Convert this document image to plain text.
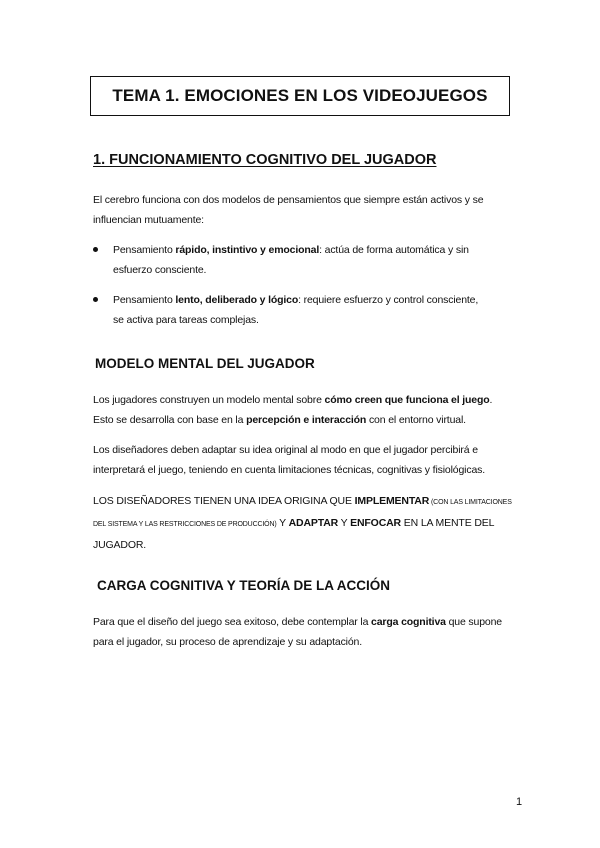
TEMA 1. EMOCIONES EN LOS VIDEOJUEGOS
1. FUNCIONAMIENTO COGNITIVO DEL JUGADOR
El cerebro funciona con dos modelos de pensamientos que siempre están activos y se
influencian mutuamente:
Pensamiento rápido, instintivo y emocional: actúa de forma automática y sin
esfuerzo consciente.
Pensamiento lento, deliberado y lógico: requiere esfuerzo y control consciente,
se activa para tareas complejas.
MODELO MENTAL DEL JUGADOR
Los jugadores construyen un modelo mental sobre cómo creen que funciona el juego.
Esto se desarrolla con base en la percepción e interacción con el entorno virtual.
Los diseñadores deben adaptar su idea original al modo en que el jugador percibirá e
interpretará el juego, teniendo en cuenta limitaciones técnicas, cognitivas y fisiológicas.
LOS DISEÑADORES TIENEN UNA IDEA ORIGINA QUE IMPLEMENTAR (CON LAS LIMITACIONES
DEL SISTEMA Y LAS RESTRICCIONES DE PRODUCCIÓN) Y ADAPTAR Y ENFOCAR EN LA MENTE DEL
JUGADOR.
CARGA COGNITIVA Y TEORÍA DE LA ACCIÓN
Para que el diseño del juego sea exitoso, debe contemplar la carga cognitiva que supone
para el jugador, su proceso de aprendizaje y su adaptación.
1
